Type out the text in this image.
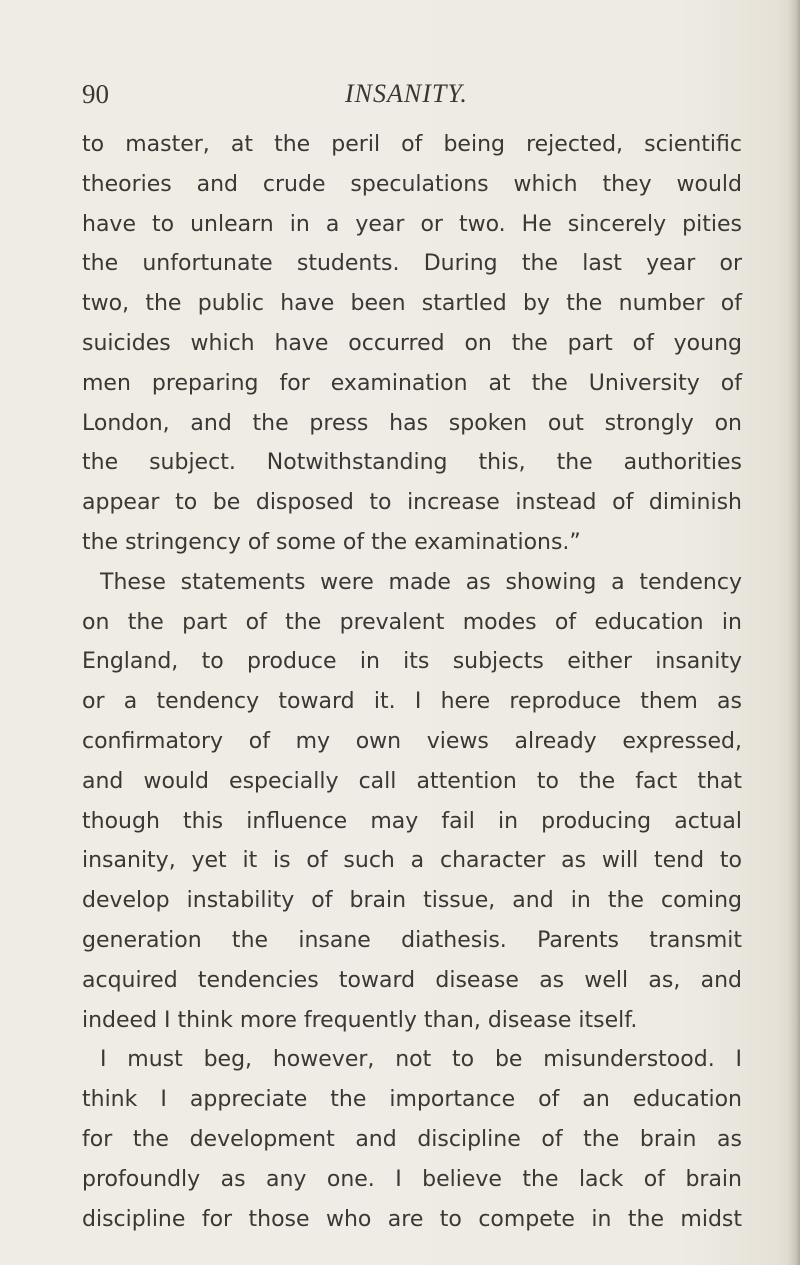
90	INSANITY.
to master, at the peril of being rejected, scientific
theories and crude speculations which they would
have to unlearn in a year or two. He sincerely pities
the unfortunate students. During the last year or
two, the public have been startled by the number of
suicides which have occurred on the part of young
men preparing for examination at the University of
London, and the press has spoken out strongly on
the subject. Notwithstanding this, the authorities
appear to be disposed to increase instead of diminish
the stringency of some of the examinations.”
These statements were made as showing a tendency
on the part of the prevalent modes of education in
England, to produce in its subjects either insanity
or a tendency toward it. I here reproduce them as
confirmatory of my own views already expressed,
and would especially call attention to the fact that
though this influence may fail in producing actual
insanity, yet it is of such a character as will tend to
develop instability of brain tissue, and in the coming
generation the insane diathesis. Parents transmit
acquired tendencies toward disease as well as, and
indeed I think more frequently than, disease itself.
I must beg, however, not to be misunderstood. I
think I appreciate the importance of an education
for the development and discipline of the brain as
profoundly as any one. I believe the lack of brain
discipline for those who are to compete in the midst
